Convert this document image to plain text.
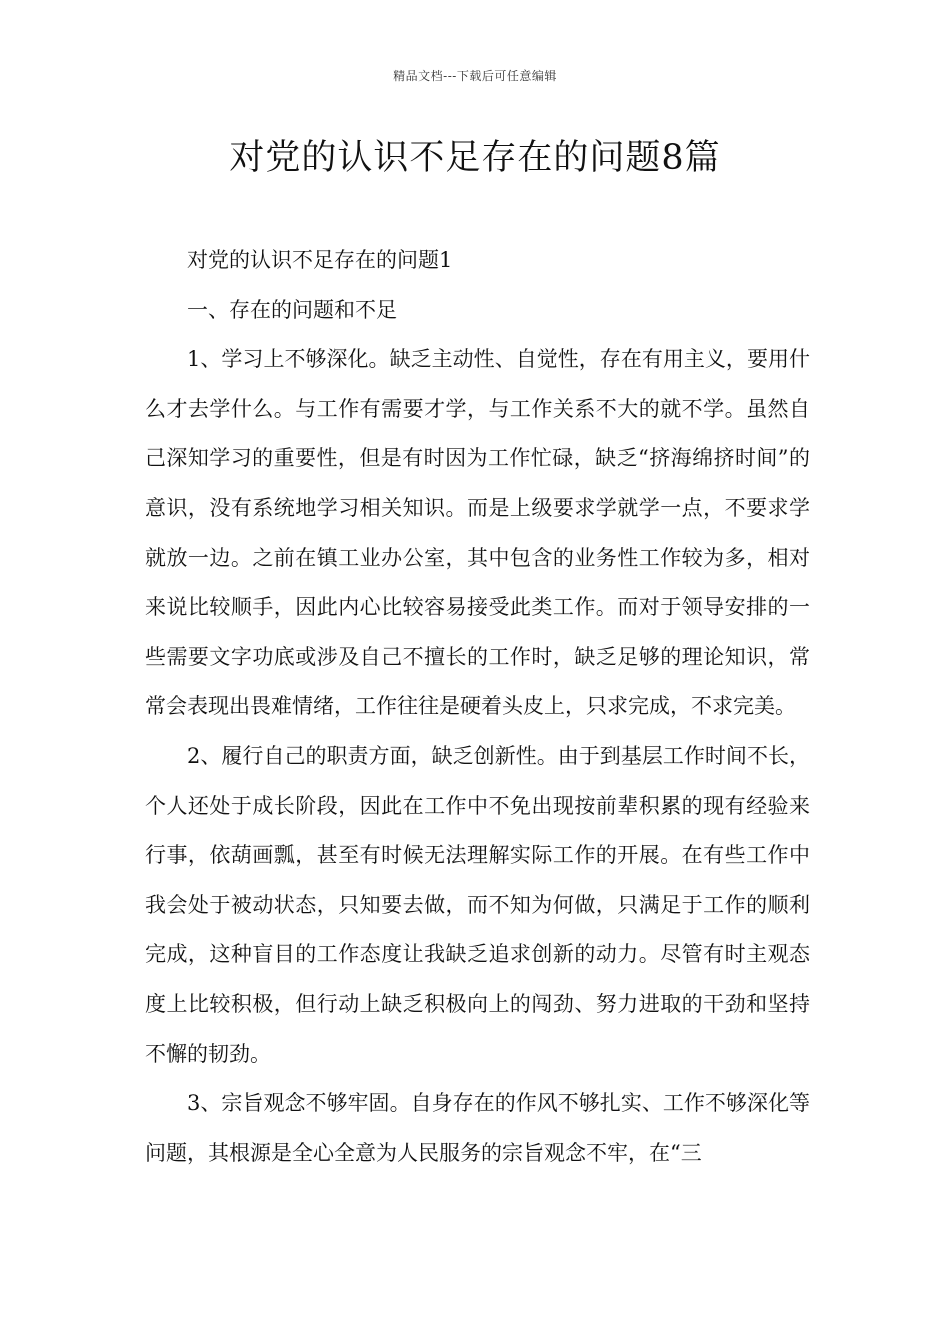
精品文档---下载后可任意编辑
对党的认识不足存在的问题8篇

对党的认识不足存在的问题1

一、存在的问题和不足

1、学习上不够深化。缺乏主动性、自觉性，存在有用主义，要用什么才去学什么。与工作有需要才学，与工作关系不大的就不学。虽然自己深知学习的重要性，但是有时因为工作忙碌，缺乏“挤海绵挤时间”的意识，没有系统地学习相关知识。而是上级要求学就学一点，不要求学就放一边。之前在镇工业办公室，其中包含的业务性工作较为多，相对来说比较顺手，因此内心比较容易接受此类工作。而对于领导安排的一些需要文字功底或涉及自己不擅长的工作时，缺乏足够的理论知识，常常会表现出畏难情绪，工作往往是硬着头皮上，只求完成，不求完美。

2、履行自己的职责方面，缺乏创新性。由于到基层工作时间不长，个人还处于成长阶段，因此在工作中不免出现按前辈积累的现有经验来行事，依葫画瓢，甚至有时候无法理解实际工作的开展。在有些工作中我会处于被动状态，只知要去做，而不知为何做，只满足于工作的顺利完成，这种盲目的工作态度让我缺乏追求创新的动力。尽管有时主观态度上比较积极，但行动上缺乏积极向上的闯劲、努力进取的干劲和坚持不懈的韧劲。

3、宗旨观念不够牢固。自身存在的作风不够扎实、工作不够深化等问题，其根源是全心全意为人民服务的宗旨观念不牢，在“三
